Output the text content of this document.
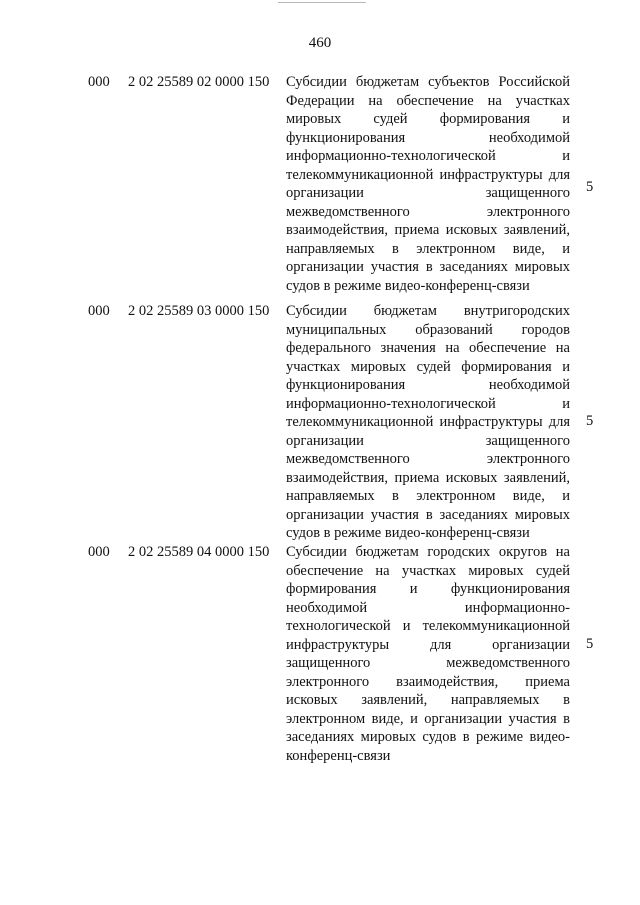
460
000 2 02 25589 02 0000 150 Субсидии бюджетам субъектов Российской Федерации на обеспечение на участках мировых судей формирования и функционирования необходимой информационно-технологической и телекоммуникационной инфраструктуры для организации защищенного межведомственного электронного взаимодействия, приема исковых заявлений, направляемых в электронном виде, и организации участия в заседаниях мировых судов в режиме видео-конференц-связи
5
000 2 02 25589 03 0000 150 Субсидии бюджетам внутригородских муниципальных образований городов федерального значения на обеспечение на участках мировых судей формирования и функционирования необходимой информационно-технологической и телекоммуникационной инфраструктуры для организации защищенного межведомственного электронного взаимодействия, приема исковых заявлений, направляемых в электронном виде, и организации участия в заседаниях мировых судов в режиме видео-конференц-связи
5
000 2 02 25589 04 0000 150 Субсидии бюджетам городских округов на обеспечение на участках мировых судей формирования и функционирования необходимой информационно-технологической и телекоммуникационной инфраструктуры для организации защищенного межведомственного электронного взаимодействия, приема исковых заявлений, направляемых в электронном виде, и организации участия в заседаниях мировых судов в режиме видео-конференц-связи
5
